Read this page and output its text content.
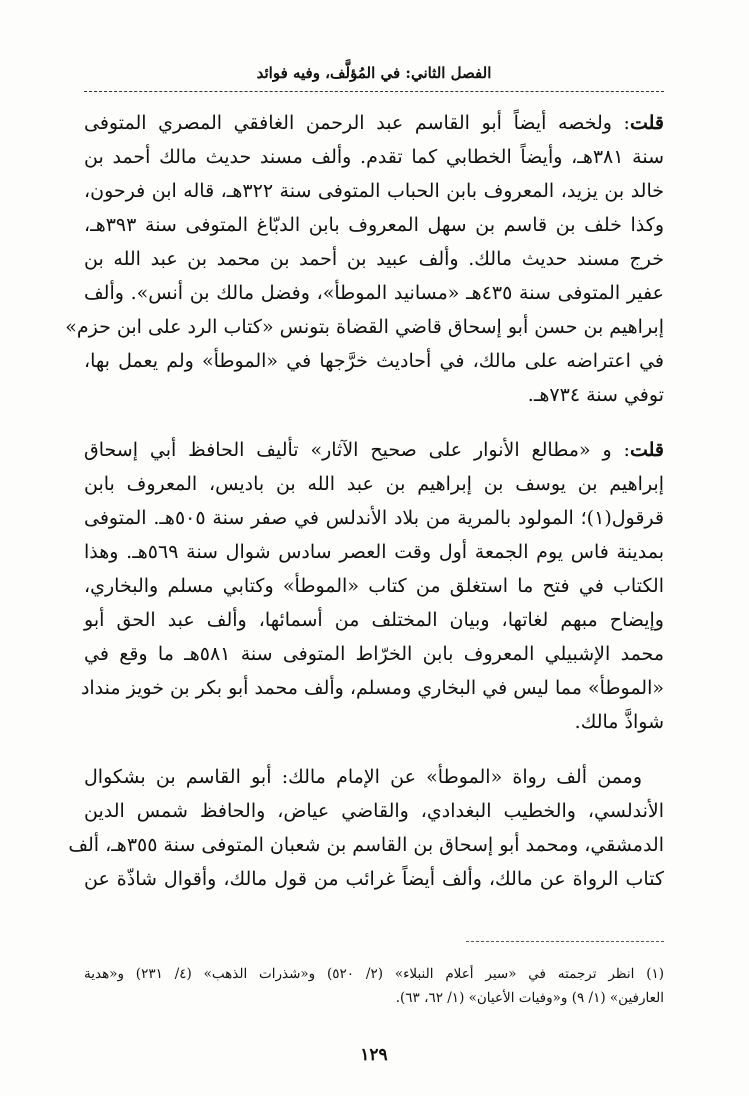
الفصل الثاني: في المُؤلَّف، وفيه فوائد
قلت: ولخصه أيضاً أبو القاسم عبد الرحمن الغافقي المصري المتوفى
سنة ٣٨١هـ، وأيضاً الخطابي كما تقدم. وألف مسند حديث مالك أحمد بن
خالد بن يزيد، المعروف بابن الحباب المتوفى سنة ٣٢٢هـ، قاله ابن فرحون،
وكذا خلف بن قاسم بن سهل المعروف بابن الدبّاغ المتوفى سنة ٣٩٣هـ،
خرج مسند حديث مالك. وألف عبيد بن أحمد بن محمد بن عبد الله بن
عفير المتوفى سنة ٤٣٥هـ «مسانيد الموطأ»، وفضل مالك بن أنس». وألف
إبراهيم بن حسن أبو إسحاق قاضي القضاة بتونس «كتاب الرد على ابن حزم»
في اعتراضه على مالك، في أحاديث خرَّجها في «الموطأ» ولم يعمل بها،
توفي سنة ٧٣٤هـ.
قلت: و «مطالع الأنوار على صحيح الآثار» تأليف الحافظ أبي إسحاق
إبراهيم بن يوسف بن إبراهيم بن عبد الله بن باديس، المعروف بابن
قرقول(١)؛ المولود بالمرية من بلاد الأندلس في صفر سنة ٥٠٥هـ. المتوفى
بمدينة فاس يوم الجمعة أول وقت العصر سادس شوال سنة ٥٦٩هـ. وهذا
الكتاب في فتح ما استغلق من كتاب «الموطأ» وكتابي مسلم والبخاري،
وإيضاح مبهم لغاتها، وبيان المختلف من أسمائها، وألف عبد الحق أبو
محمد الإشبيلي المعروف بابن الخرّاط المتوفى سنة ٥٨١هـ ما وقع في
«الموطأ» مما ليس في البخاري ومسلم، وألف محمد أبو بكر بن خويز منداد
شواذَّ مالك.
وممن ألف رواة «الموطأ» عن الإمام مالك: أبو القاسم بن بشكوال
الأندلسي، والخطيب البغدادي، والقاضي عياض، والحافظ شمس الدين
الدمشقي، ومحمد أبو إسحاق بن القاسم بن شعبان المتوفى سنة ٣٥٥هـ، ألف
كتاب الرواة عن مالك، وألف أيضاً غرائب من قول مالك، وأقوال شاذّة عن
(١) انظر ترجمته في «سير أعلام النبلاء» (٢/ ٥٢٠) و«شذرات الذهب» (٤/ ٢٣١) و«هدية
العارفين» (١/ ٩) و«وفيات الأعيان» (١/ ٦٢، ٦٣).
١٢٩
